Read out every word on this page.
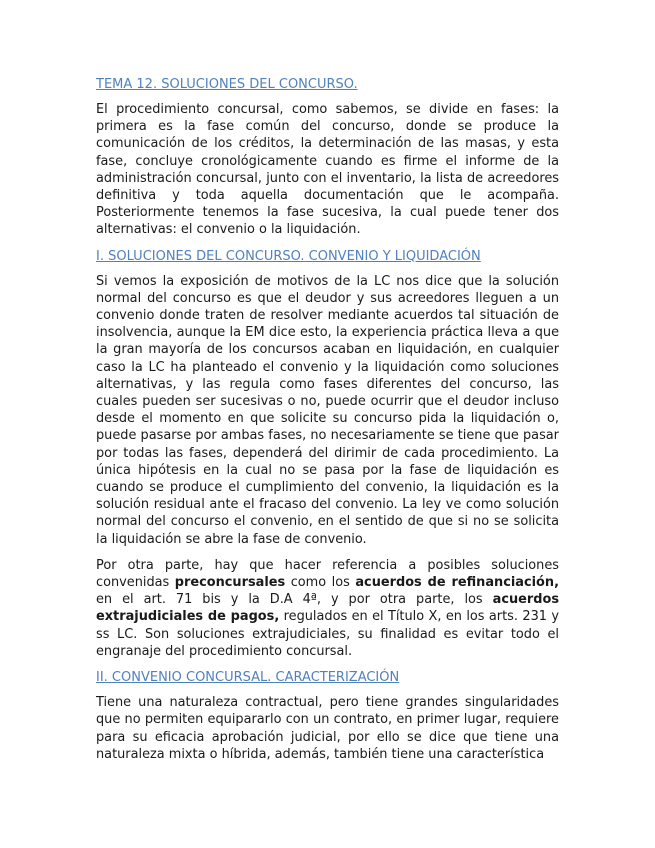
TEMA 12. SOLUCIONES DEL CONCURSO.

El procedimiento concursal, como sabemos, se divide en fases: la primera es la fase común del concurso, donde se produce la comunicación de los créditos, la determinación de las masas, y esta fase, concluye cronológicamente cuando es firme el informe de la administración concursal, junto con el inventario, la lista de acreedores definitiva y toda aquella documentación que le acompaña. Posteriormente tenemos la fase sucesiva, la cual puede tener dos alternativas: el convenio o la liquidación.

I. SOLUCIONES DEL CONCURSO. CONVENIO Y LIQUIDACIÓN

Si vemos la exposición de motivos de la LC nos dice que la solución normal del concurso es que el deudor y sus acreedores lleguen a un convenio donde traten de resolver mediante acuerdos tal situación de insolvencia, aunque la EM dice esto, la experiencia práctica lleva a que la gran mayoría de los concursos acaban en liquidación, en cualquier caso la LC ha planteado el convenio y la liquidación como soluciones alternativas, y las regula como fases diferentes del concurso, las cuales pueden ser sucesivas o no, puede ocurrir que el deudor incluso desde el momento en que solicite su concurso pida la liquidación o, puede pasarse por ambas fases, no necesariamente se tiene que pasar por todas las fases, dependerá del dirimir de cada procedimiento. La única hipótesis en la cual no se pasa por la fase de liquidación es cuando se produce el cumplimiento del convenio, la liquidación es la solución residual ante el fracaso del convenio. La ley ve como solución normal del concurso el convenio, en el sentido de que si no se solicita la liquidación se abre la fase de convenio.

Por otra parte, hay que hacer referencia a posibles soluciones convenidas preconcursales como los acuerdos de refinanciación, en el art. 71 bis y la D.A 4ª, y por otra parte, los acuerdos extrajudiciales de pagos, regulados en el Título X, en los arts. 231 y ss LC. Son soluciones extrajudiciales, su finalidad es evitar todo el engranaje del procedimiento concursal.

II. CONVENIO CONCURSAL. CARACTERIZACIÓN

Tiene una naturaleza contractual, pero tiene grandes singularidades que no permiten equipararlo con un contrato, en primer lugar, requiere para su eficacia aprobación judicial, por ello se dice que tiene una naturaleza mixta o híbrida, además, también tiene una característica
